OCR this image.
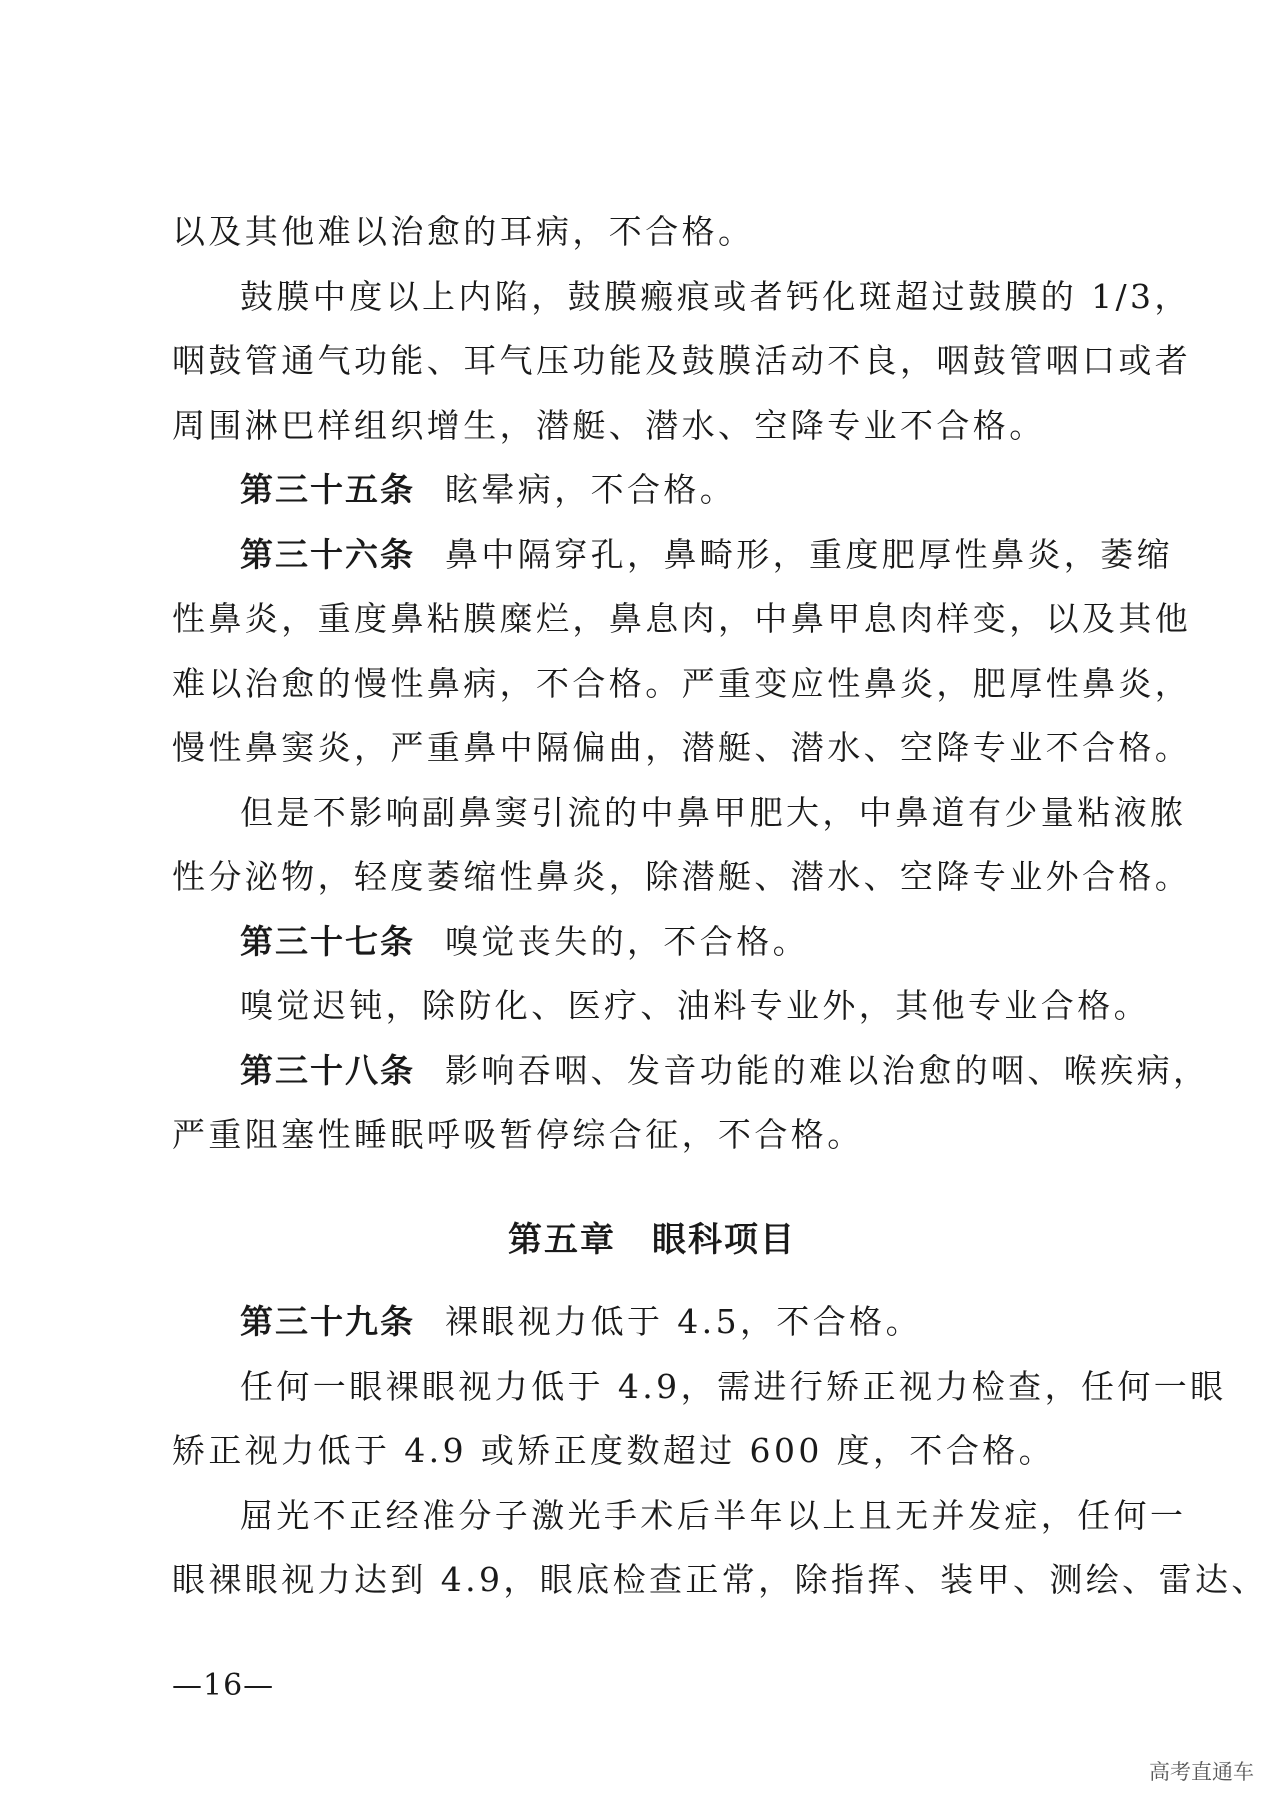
以及其他难以治愈的耳病，不合格。
鼓膜中度以上内陷，鼓膜瘢痕或者钙化斑超过鼓膜的 1/3，
咽鼓管通气功能、耳气压功能及鼓膜活动不良，咽鼓管咽口或者
周围淋巴样组织增生，潜艇、潜水、空降专业不合格。
第三十五条 眩晕病，不合格。
第三十六条 鼻中隔穿孔，鼻畸形，重度肥厚性鼻炎，萎缩
性鼻炎，重度鼻粘膜糜烂，鼻息肉，中鼻甲息肉样变，以及其他
难以治愈的慢性鼻病，不合格。严重变应性鼻炎，肥厚性鼻炎，
慢性鼻窦炎，严重鼻中隔偏曲，潜艇、潜水、空降专业不合格。
但是不影响副鼻窦引流的中鼻甲肥大，中鼻道有少量粘液脓
性分泌物，轻度萎缩性鼻炎，除潜艇、潜水、空降专业外合格。
第三十七条 嗅觉丧失的，不合格。
嗅觉迟钝，除防化、医疗、油料专业外，其他专业合格。
第三十八条 影响吞咽、发音功能的难以治愈的咽、喉疾病，
严重阻塞性睡眠呼吸暂停综合征，不合格。
第五章　眼科项目
第三十九条 裸眼视力低于 4.5，不合格。
任何一眼裸眼视力低于 4.9，需进行矫正视力检查，任何一眼
矫正视力低于 4.9 或矫正度数超过 600 度，不合格。
屈光不正经准分子激光手术后半年以上且无并发症，任何一
眼裸眼视力达到 4.9，眼底检查正常，除指挥、装甲、测绘、雷达、
—16—
高考直通车
